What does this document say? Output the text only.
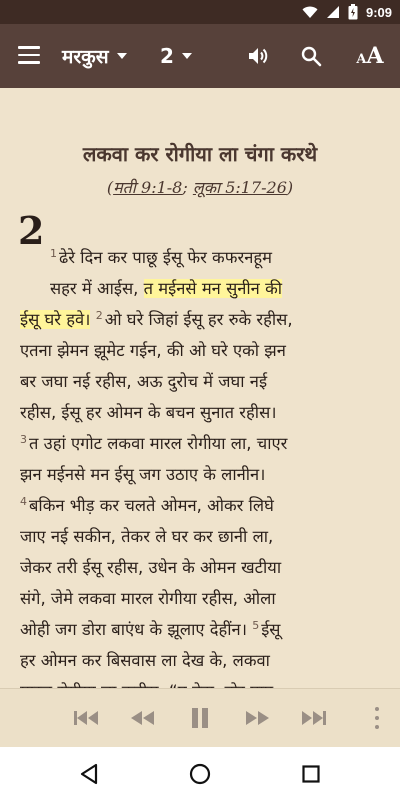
9:09
मरकुस	2	A A
लकवा कर रोगीया ला चंगा करथे
(मती 9:1-8; लूका 5:17-26)
2 $^1$ ढेरे दिन कर पाछू ईसू फेर कफरनहूम
सहर में आईस, त मईनसे मन सुनीन की
ईसू घरे हवे। $^2$ ओ घरे जिहां ईसू हर रुके रहीस,
एतना झेमन झूमेट गईन, की ओ घरे एको झन
बर जघा नई रहीस, अऊ दुरोच में जघा नई
रहीस, ईसू हर ओमन के बचन सुनात रहीस।
$^3$ त उहां एगोट लकवा मारल रोगीया ला, चाएर
झन मईनसे मन ईसू जग उठाए के लानीन।
$^4$ बकिन भीड़ कर चलते ओमन, ओकर लिघे
जाए नई सकीन, तेकर ले घर कर छानी ला,
जेकर तरी ईसू रहीस, उधेन के ओमन खटीया
संगे, जेमे लकवा मारल रोगीया रहीस, ओला
ओही जग डोरा बाएंध के झूलाए देहींन। $^5$ ईसू
हर ओमन कर बिसवास ला देख के, लकवा
